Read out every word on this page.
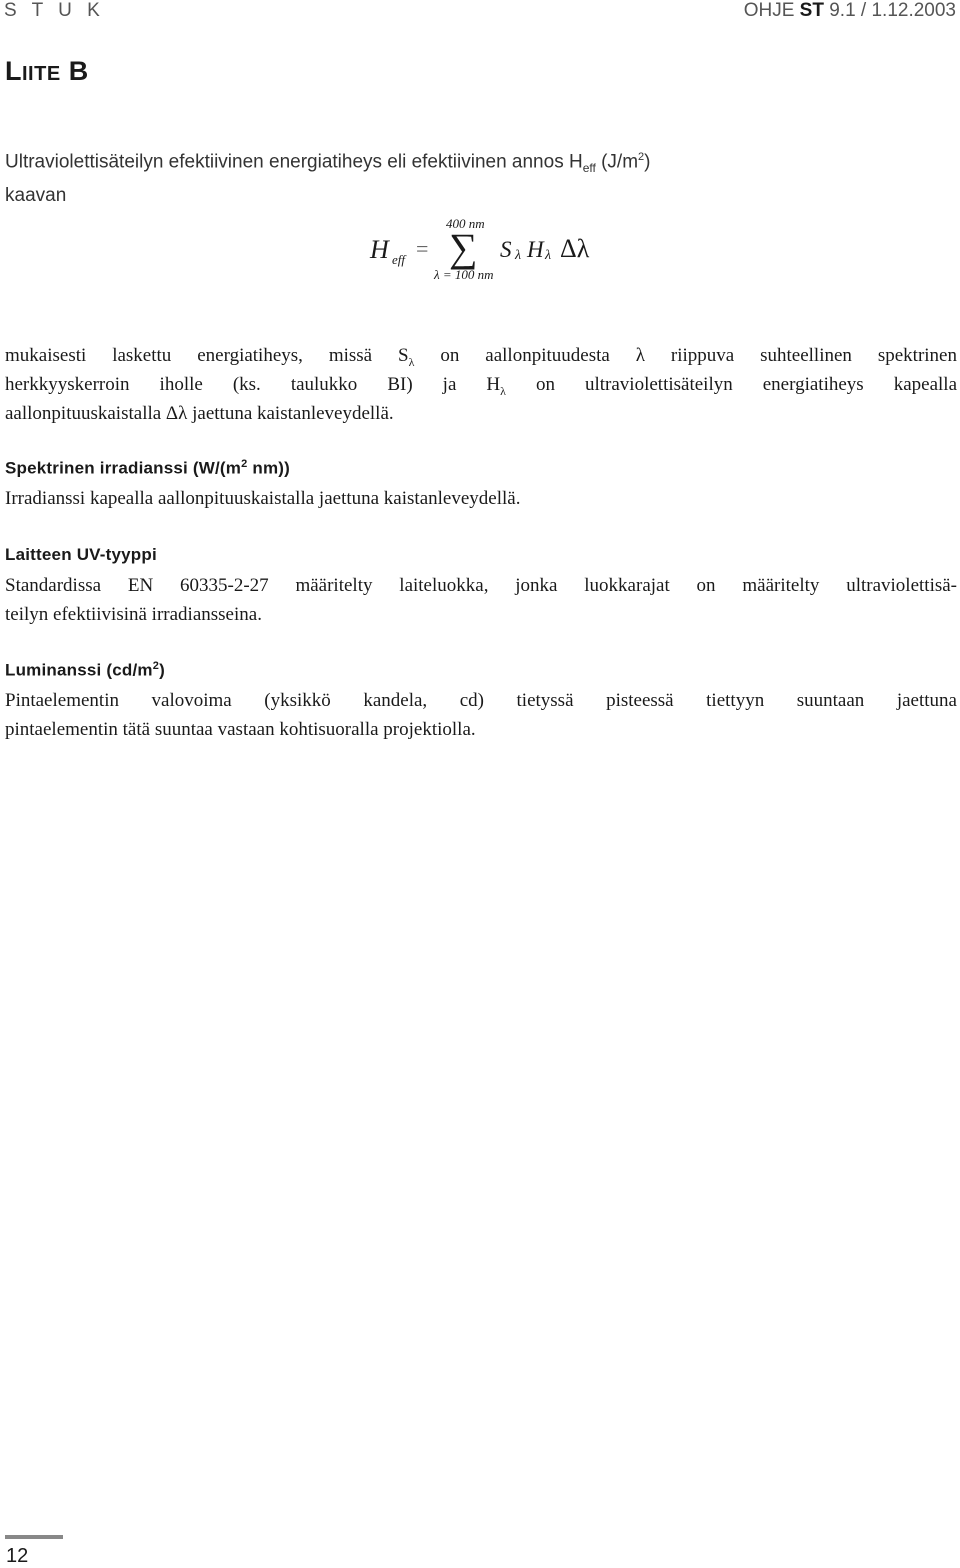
S T U K	OHJE ST 9.1 / 1.12.2003
LIITE B
Ultraviolettisäteilyn efektiivinen energiatiheys eli efektiivinen annos $H_{eff}$ $(J/m^2)$
kaavan
H eff =
400 nm
∑
λ = 100 nm
S λ H λ Δλ
mukaisesti laskettu energiatiheys, missä $S_\lambda$ on aallonpituudesta λ riippuva suhteellinen spektrinen
herkkyyskerroin iholle (ks. taulukko BI) ja $H_\lambda$ on ultraviolettisäteilyn energiatiheys kapealla
aallonpituuskaistalla Δλ jaettuna kaistanleveydellä.
Spektrinen irradianssi ($W/(m^2$ nm))
Irradianssi kapealla aallonpituuskaistalla jaettuna kaistanleveydellä.
Laitteen UV-tyyppi
Standardissa EN 60335-2-27 määritelty laiteluokka, jonka luokkarajat on määritelty ultraviolettisä-
teilyn efektiivisinä irradiansseina.
Luminanssi $(cd/m^2)$
Pintaelementin valovoima (yksikkö kandela, cd) tietyssä pisteessä tiettyyn suuntaan jaettuna
pintaelementin tätä suuntaa vastaan kohtisuoralla projektiolla.
12
